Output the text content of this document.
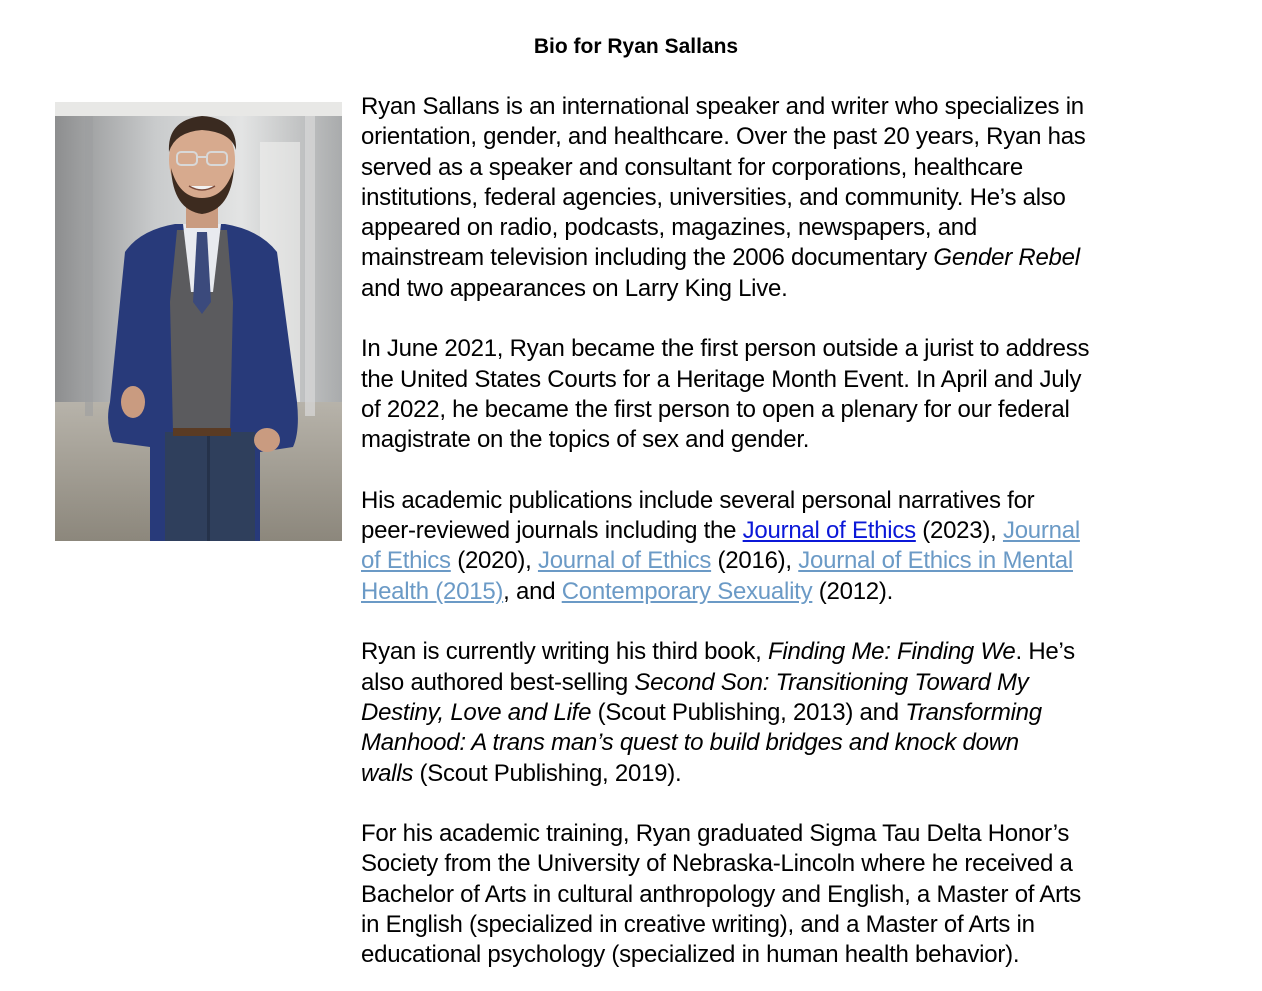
Bio for Ryan Sallans

Ryan Sallans is an international speaker and writer who specializes in
orientation, gender, and healthcare. Over the past 20 years, Ryan has
served as a speaker and consultant for corporations, healthcare
institutions, federal agencies, universities, and community. He’s also
appeared on radio, podcasts, magazines, newspapers, and
mainstream television including the 2006 documentary Gender Rebel
and two appearances on Larry King Live.

In June 2021, Ryan became the first person outside a jurist to address
the United States Courts for a Heritage Month Event. In April and July
of 2022, he became the first person to open a plenary for our federal
magistrate on the topics of sex and gender.

His academic publications include several personal narratives for
peer-reviewed journals including the Journal of Ethics (2023), Journal
of Ethics (2020), Journal of Ethics (2016), Journal of Ethics in Mental
Health (2015), and Contemporary Sexuality (2012).

Ryan is currently writing his third book, Finding Me: Finding We. He’s
also authored best-selling Second Son: Transitioning Toward My
Destiny, Love and Life (Scout Publishing, 2013) and Transforming
Manhood: A trans man’s quest to build bridges and knock down
walls (Scout Publishing, 2019).

For his academic training, Ryan graduated Sigma Tau Delta Honor’s
Society from the University of Nebraska-Lincoln where he received a
Bachelor of Arts in cultural anthropology and English, a Master of Arts
in English (specialized in creative writing), and a Master of Arts in
educational psychology (specialized in human health behavior).
